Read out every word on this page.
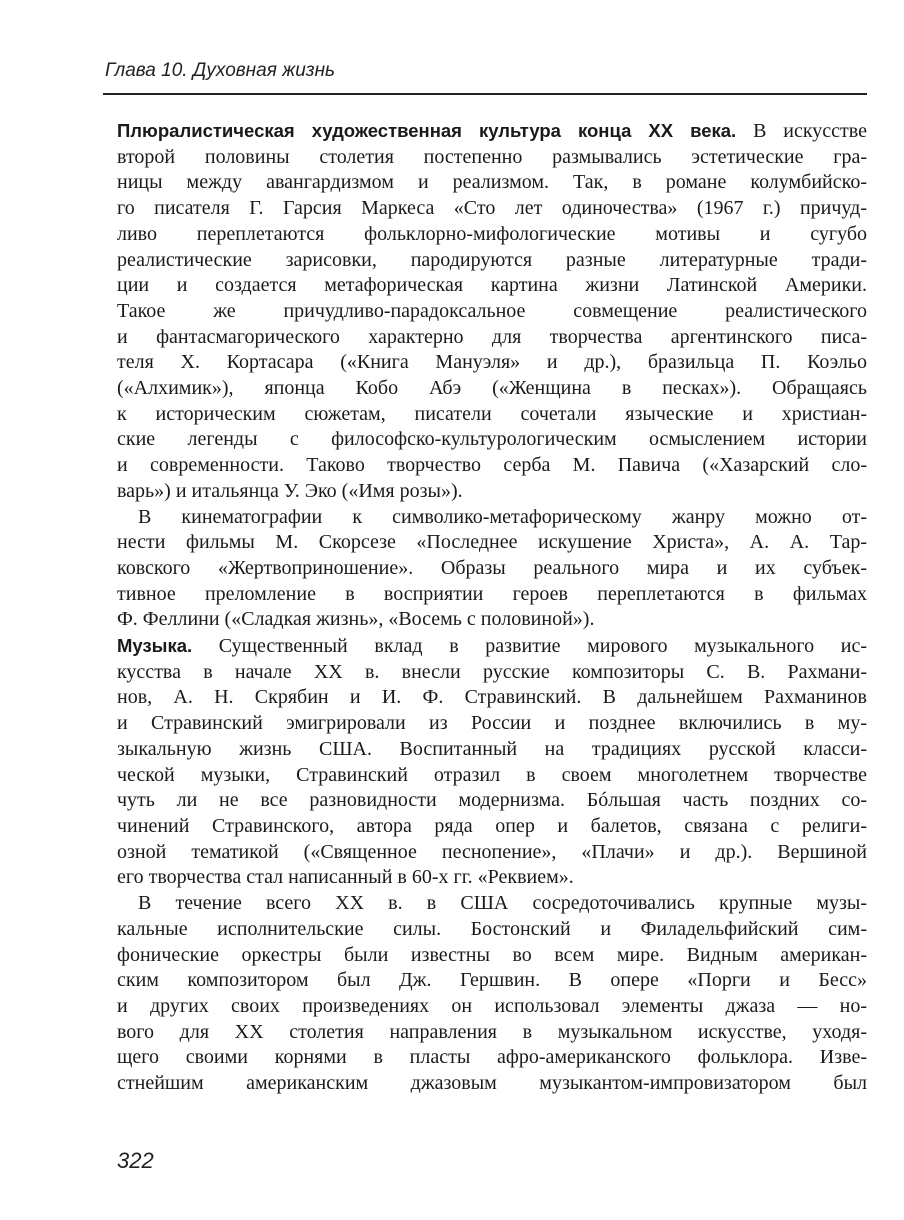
Глава 10. Духовная жизнь
Плюралистическая художественная культура конца XX века. В искусстве
второй половины столетия постепенно размывались эстетические гра-
ницы между авангардизмом и реализмом. Так, в романе колумбийско-
го писателя Г. Гарсия Маркеса «Сто лет одиночества» (1967 г.) причуд-
ливо переплетаются фольклорно-мифологические мотивы и сугубо
реалистические зарисовки, пародируются разные литературные тради-
ции и создается метафорическая картина жизни Латинской Америки.
Такое же причудливо-парадоксальное совмещение реалистического
и фантасмагорического характерно для творчества аргентинского писа-
теля Х. Кортасара («Книга Мануэля» и др.), бразильца П. Коэльо
(«Алхимик»), японца Кобо Абэ («Женщина в песках»). Обращаясь
к историческим сюжетам, писатели сочетали языческие и христиан-
ские легенды с философско-культурологическим осмыслением истории
и современности. Таково творчество серба М. Павича («Хазарский сло-
варь») и итальянца У. Эко («Имя розы»).
В кинематографии к символико-метафорическому жанру можно от-
нести фильмы М. Скорсезе «Последнее искушение Христа», А. А. Тар-
ковского «Жертвоприношение». Образы реального мира и их субъек-
тивное преломление в восприятии героев переплетаются в фильмах
Ф. Феллини («Сладкая жизнь», «Восемь с половиной»).
Музыка. Существенный вклад в развитие мирового музыкального ис-
кусства в начале XX в. внесли русские композиторы С. В. Рахмани-
нов, А. Н. Скрябин и И. Ф. Стравинский. В дальнейшем Рахманинов
и Стравинский эмигрировали из России и позднее включились в му-
зыкальную жизнь США. Воспитанный на традициях русской класси-
ческой музыки, Стравинский отразил в своем многолетнем творчестве
чуть ли не все разновидности модернизма. Бóльшая часть поздних со-
чинений Стравинского, автора ряда опер и балетов, связана с религи-
озной тематикой («Священное песнопение», «Плачи» и др.). Вершиной
его творчества стал написанный в 60-х гг. «Реквием».
В течение всего XX в. в США сосредоточивались крупные музы-
кальные исполнительские силы. Бостонский и Филадельфийский сим-
фонические оркестры были известны во всем мире. Видным американ-
ским композитором был Дж. Гершвин. В опере «Порги и Бесс»
и других своих произведениях он использовал элементы джаза — но-
вого для XX столетия направления в музыкальном искусстве, уходя-
щего своими корнями в пласты афро-американского фольклора. Изве-
стнейшим американским джазовым музыкантом-импровизатором был
322
